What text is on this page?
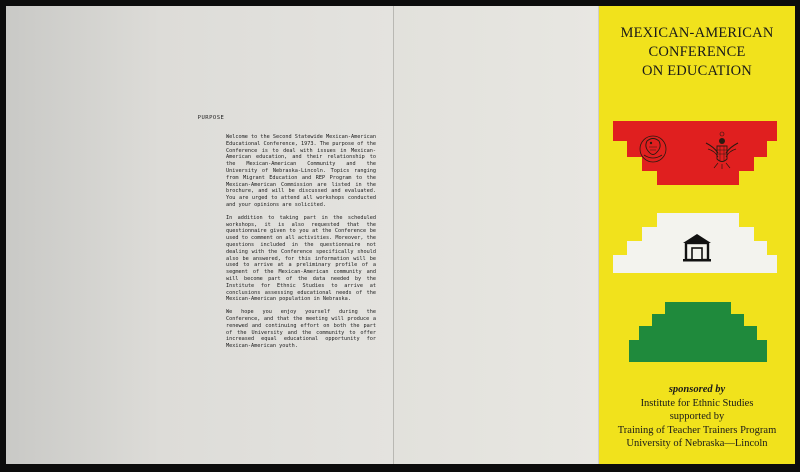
PURPOSE

Welcome to the Second Statewide Mexican-American Educational Conference, 1973. The purpose of the Conference is to deal with issues in Mexican-American education, and their relationship to the Mexican-American Community and the University of Nebraska-Lincoln. Topics ranging from Migrant Education and REP Program to the Mexican-American Commission are listed in the brochure, and will be discussed and evaluated. You are urged to attend all workshops conducted and your opinions are solicited.

In addition to taking part in the scheduled workshops, it is also requested that the questionnaire given to you at the Conference be used to comment on all activities. Moreover, the questions included in the questionnaire not dealing with the Conference specifically should also be answered, for this information will be used to arrive at a preliminary profile of a segment of the Mexican-American community and will become part of the data needed by the Institute for Ethnic Studies to arrive at conclusions assessing educational needs of the Mexican-American population in Nebraska.

We hope you enjoy yourself during the Conference, and that the meeting will produce a renewed and continuing effort on both the part of the University and the community to offer increased equal educational opportunity for Mexican-American youth.

MEXICAN-AMERICAN
CONFERENCE
ON EDUCATION
sponsored by
Institute for Ethnic Studies
supported by
Training of Teacher Trainers Program
University of Nebraska—Lincoln
